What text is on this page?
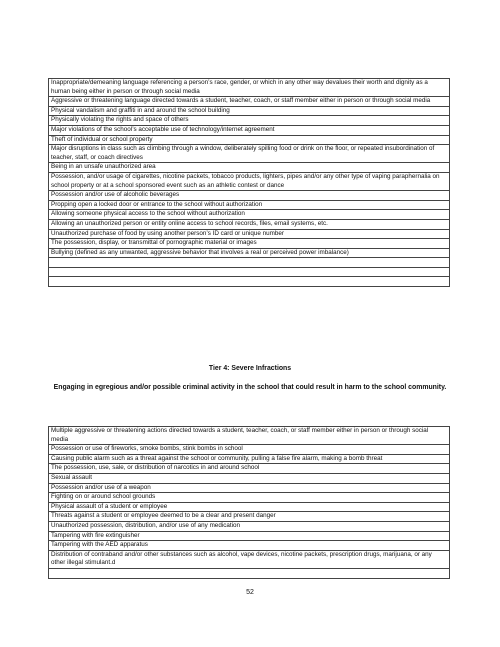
Inappropriate/demeaning language referencing a person’s race, gender, or which in any other way devalues their worth and dignity as a human being either in person or through social media
Aggressive or threatening language directed towards a student, teacher, coach, or staff member either in person or through social media
Physical vandalism and graffiti in and around the school building
Physically violating the rights and space of others
Major violations of the school’s acceptable use of technology/internet agreement
Theft of individual or school property
Major disruptions in class such as climbing through a window, deliberately spilling food or drink on the floor, or repeated insubordination of teacher, staff, or coach directives
Being in an unsafe unauthorized area
Possession, and/or usage of cigarettes, nicotine packets, tobacco products, lighters, pipes and/or any other type of vaping paraphernalia on school property or at a school sponsored event such as an athletic contest or dance
Possession and/or use of alcoholic beverages
Propping open a locked door or entrance to the school without authorization
Allowing someone physical access to the school without authorization
Allowing an unauthorized person or entity online access to school records, files, email systems, etc.
Unauthorized purchase of food by using another person’s ID card or unique number
The possession, display, or transmittal of pornographic material or images
Bullying (defined as any unwanted, aggressive behavior that involves a real or perceived power imbalance)

Tier 4: Severe Infractions

Engaging in egregious and/or possible criminal activity in the school that could result in harm to the school community.

Multiple aggressive or threatening actions directed towards a student, teacher, coach, or staff member either in person or through social media
Possession or use of fireworks, smoke bombs, stink bombs in school
Causing public alarm such as a threat against the school or community, pulling a false fire alarm, making a bomb threat
The possession, use, sale, or distribution of narcotics in and around school
Sexual assault
Possession and/or use of a weapon
Fighting on or around school grounds
Physical assault of a student or employee
Threats against a student or employee deemed to be a clear and present danger
Unauthorized possession, distribution, and/or use of any medication
Tampering with fire extinguisher
Tampering with the AED apparatus
Distribution of contraband and/or other substances such as alcohol, vape devices, nicotine packets, prescription drugs, marijuana, or any other illegal stimulant.d

52
